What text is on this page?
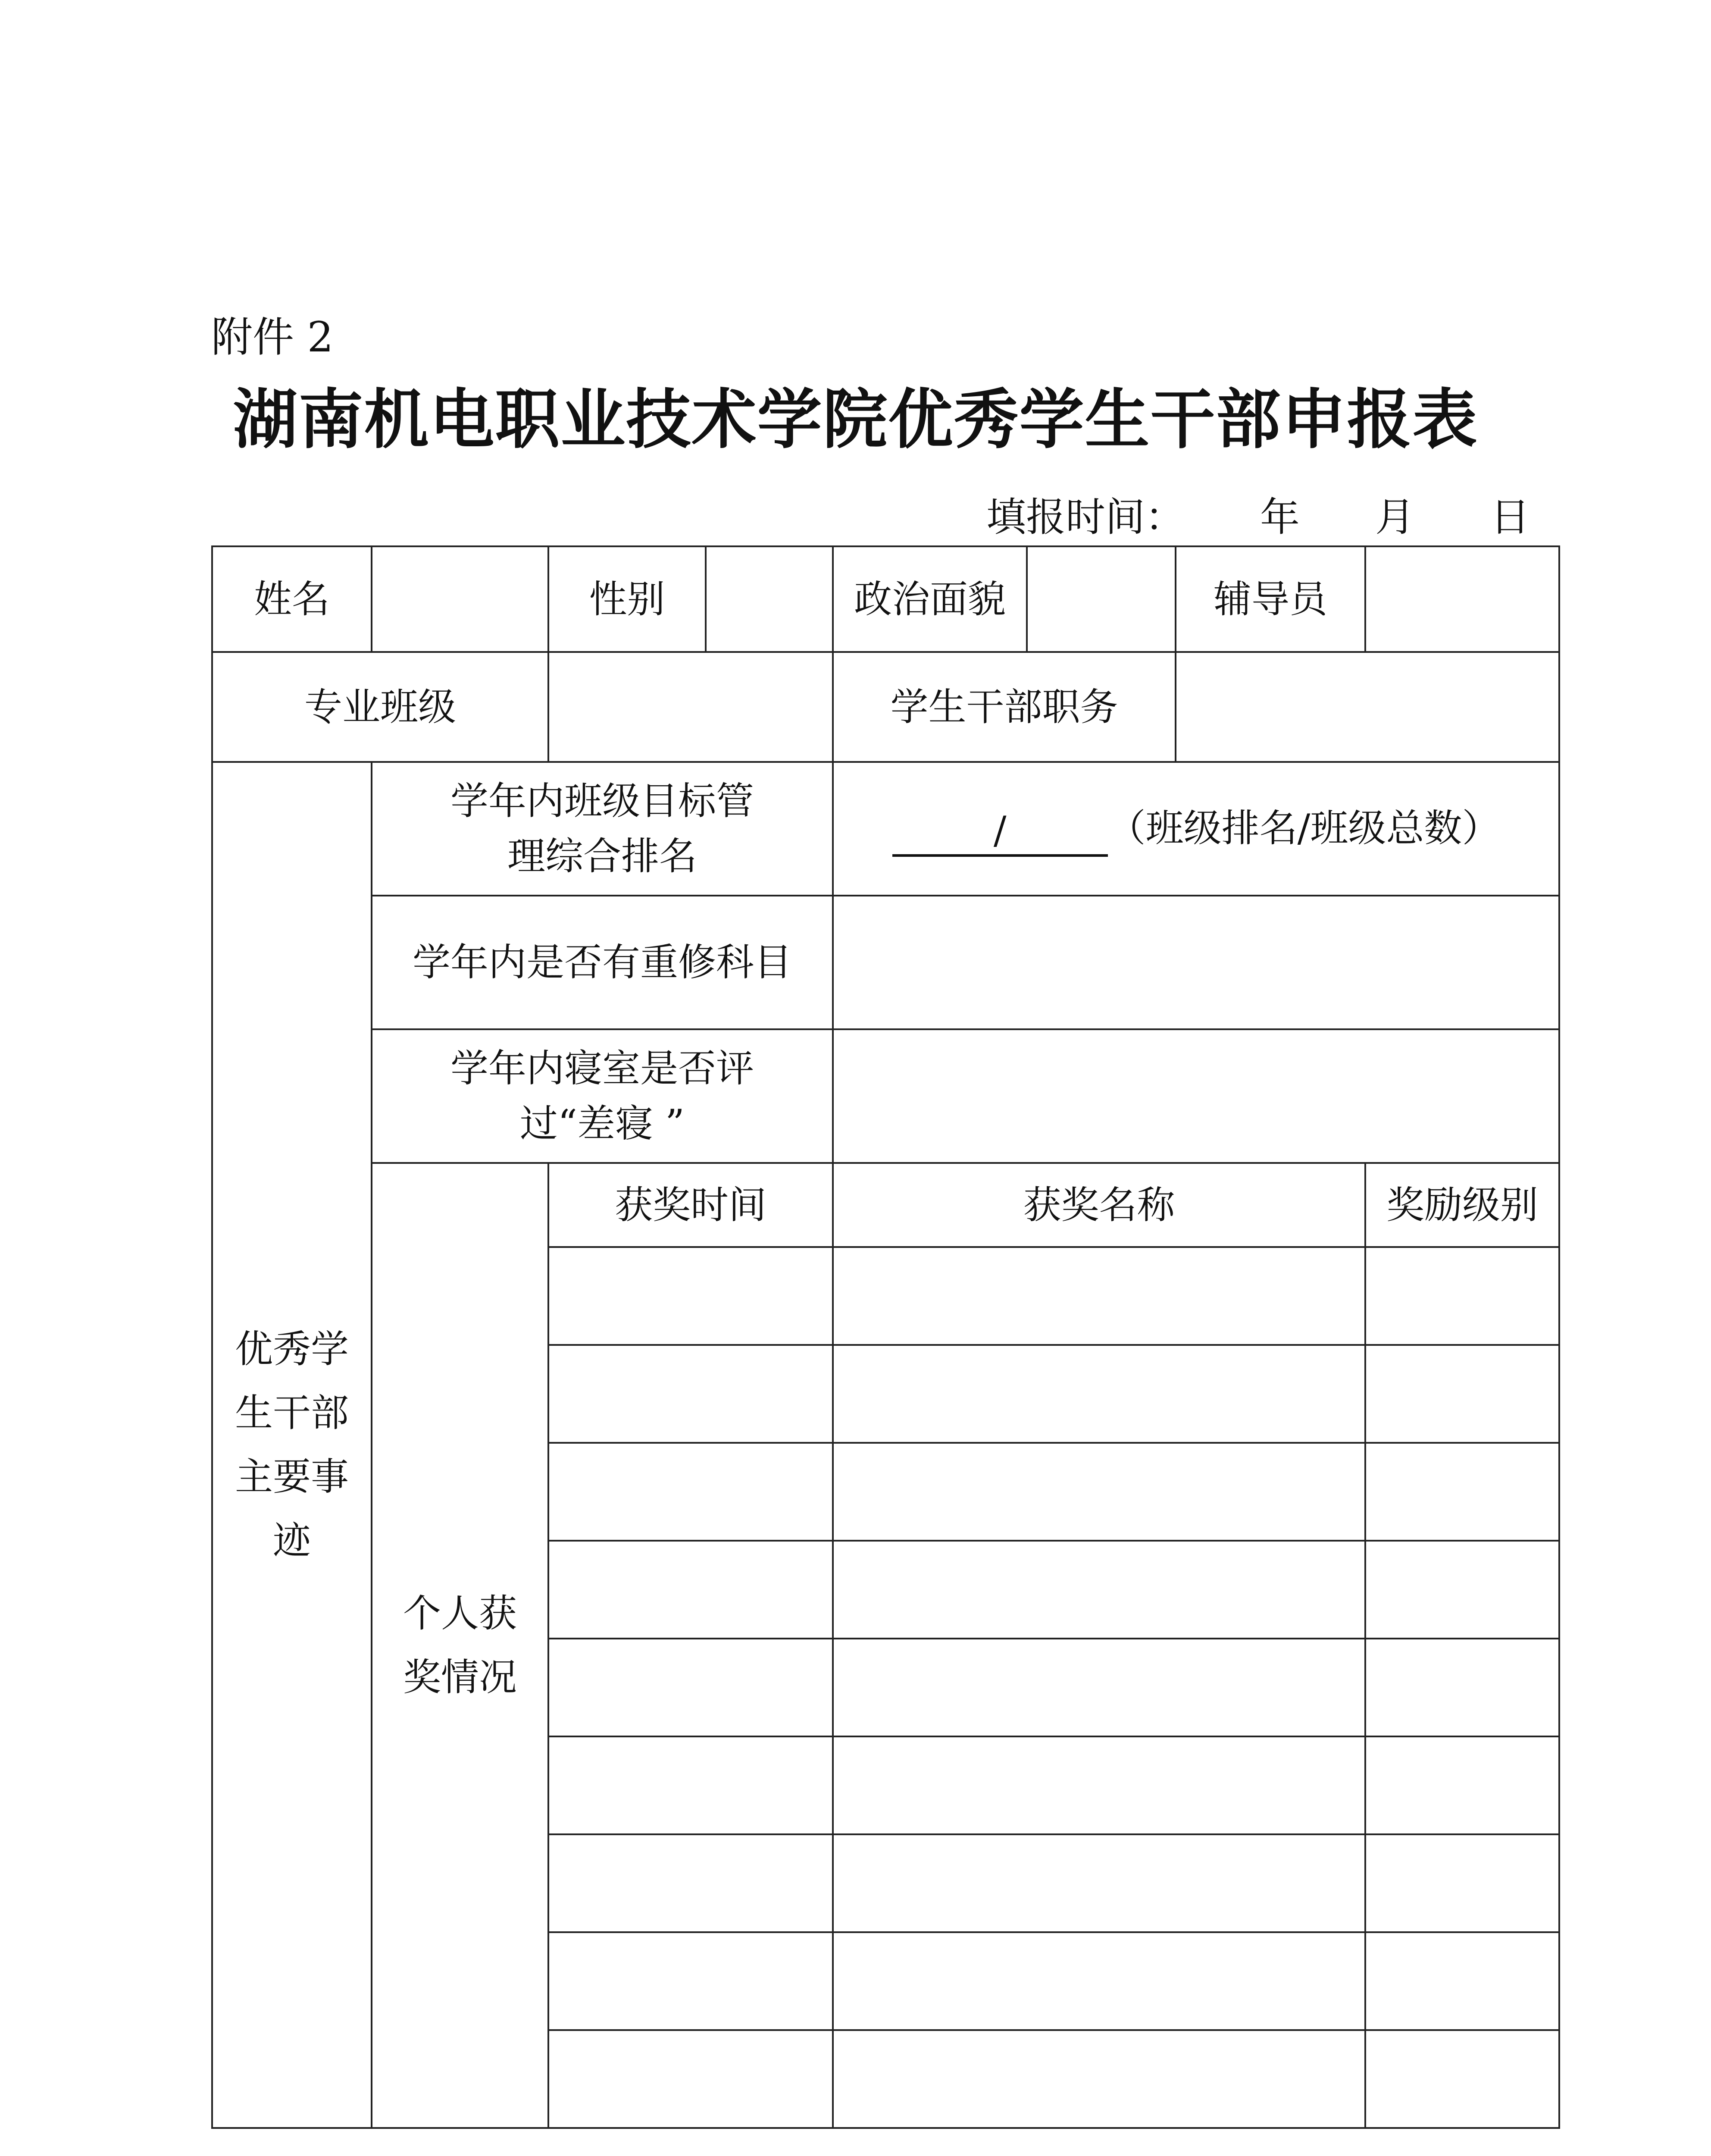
附件 2
湖南机电职业技术学院优秀学生干部申报表
填报时间： 年 月 日
姓名		性别		政治面貌		辅导员	
专业班级				学生干部职务			
优秀学生干部主要事迹	学年内班级目标管理综合排名			/ （班级排名/班级总数）			
	学年内是否有重修科目						
	学年内寝室是否评过“差寝 ”						
	个人获奖情况	获奖时间		获奖名称			奖励级别
